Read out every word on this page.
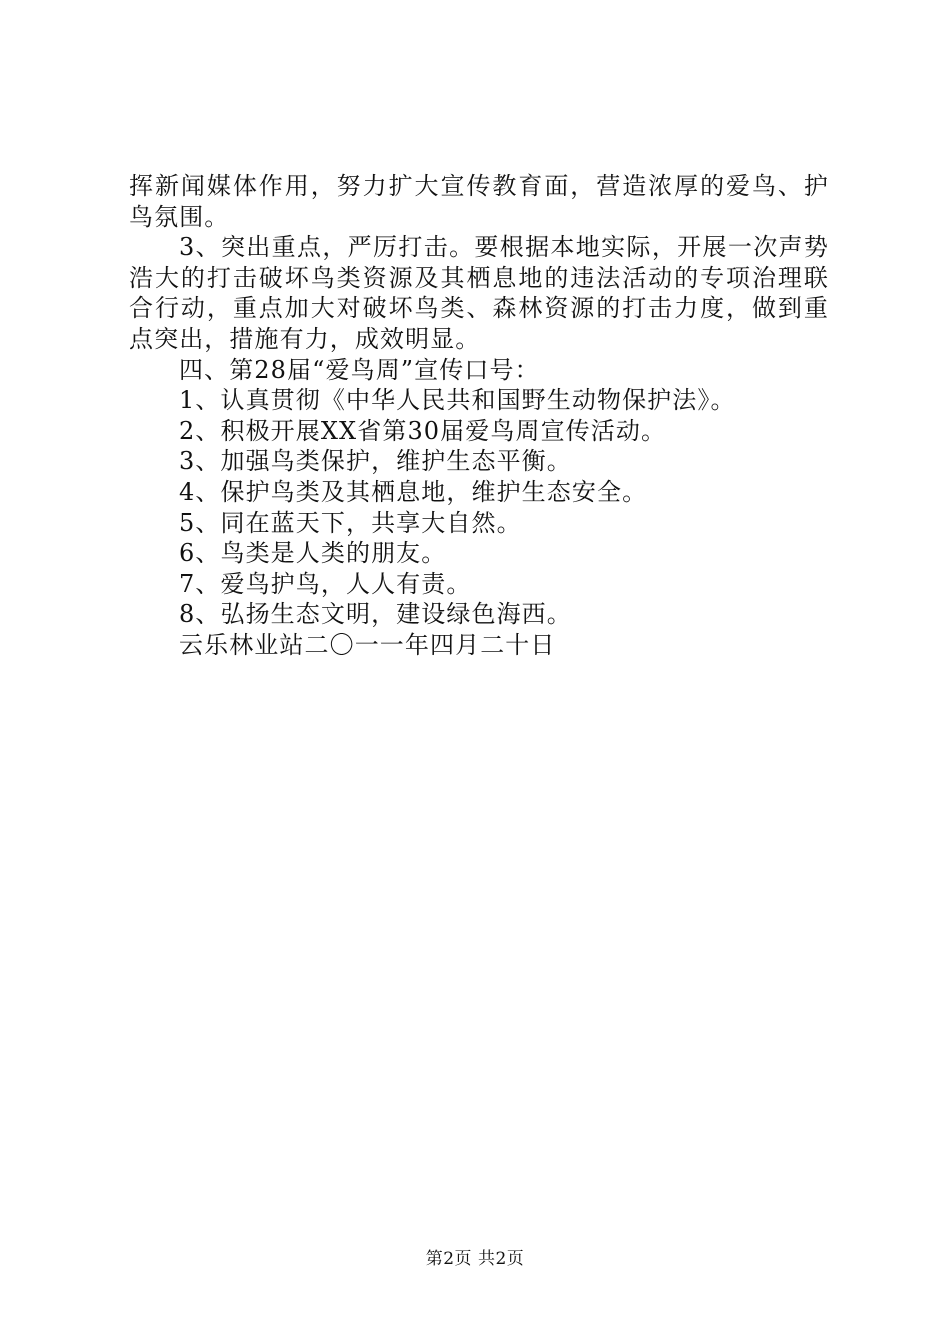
挥新闻媒体作用，努力扩大宣传教育面，营造浓厚的爱鸟、护鸟氛围。

3、突出重点，严厉打击。要根据本地实际，开展一次声势浩大的打击破坏鸟类资源及其栖息地的违法活动的专项治理联合行动，重点加大对破坏鸟类、森林资源的打击力度，做到重点突出，措施有力，成效明显。

四、第28届“爱鸟周”宣传口号：

1、认真贯彻《中华人民共和国野生动物保护法》。

2、积极开展XX省第30届爱鸟周宣传活动。

3、加强鸟类保护，维护生态平衡。

4、保护鸟类及其栖息地，维护生态安全。

5、同在蓝天下，共享大自然。

6、鸟类是人类的朋友。

7、爱鸟护鸟，人人有责。

8、弘扬生态文明，建设绿色海西。

云乐林业站二〇一一年四月二十日

第2页 共2页
